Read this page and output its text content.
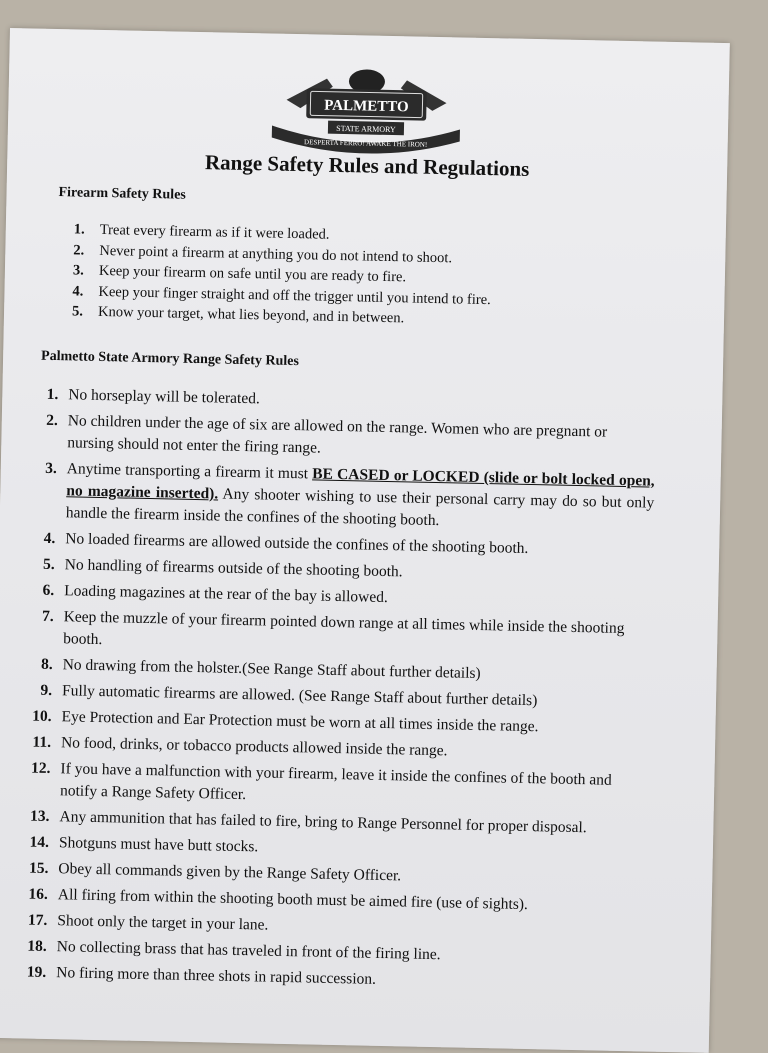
PALMETTO
STATE ARMORY
DESPERTA FERRO! AWAKE THE IRON!
Range Safety Rules and Regulations
Firearm Safety Rules
1.	Treat every firearm as if it were loaded.
2.	Never point a firearm at anything you do not intend to shoot.
3.	Keep your firearm on safe until you are ready to fire.
4.	Keep your finger straight and off the trigger until you intend to fire.
5.	Know your target, what lies beyond, and in between.
Palmetto State Armory Range Safety Rules
1. No horseplay will be tolerated.
2. No children under the age of six are allowed on the range. Women who are pregnant or nursing should not enter the firing range.
3. Anytime transporting a firearm it must BE CASED or LOCKED (slide or bolt locked open, no magazine inserted). Any shooter wishing to use their personal carry may do so but only handle the firearm inside the confines of the shooting booth.
4. No loaded firearms are allowed outside the confines of the shooting booth.
5. No handling of firearms outside of the shooting booth.
6. Loading magazines at the rear of the bay is allowed.
7. Keep the muzzle of your firearm pointed down range at all times while inside the shooting booth.
8. No drawing from the holster.(See Range Staff about further details)
9. Fully automatic firearms are allowed. (See Range Staff about further details)
10. Eye Protection and Ear Protection must be worn at all times inside the range.
11. No food, drinks, or tobacco products allowed inside the range.
12. If you have a malfunction with your firearm, leave it inside the confines of the booth and notify a Range Safety Officer.
13. Any ammunition that has failed to fire, bring to Range Personnel for proper disposal.
14. Shotguns must have butt stocks.
15. Obey all commands given by the Range Safety Officer.
16. All firing from within the shooting booth must be aimed fire (use of sights).
17. Shoot only the target in your lane.
18. No collecting brass that has traveled in front of the firing line.
19. No firing more than three shots in rapid succession.
